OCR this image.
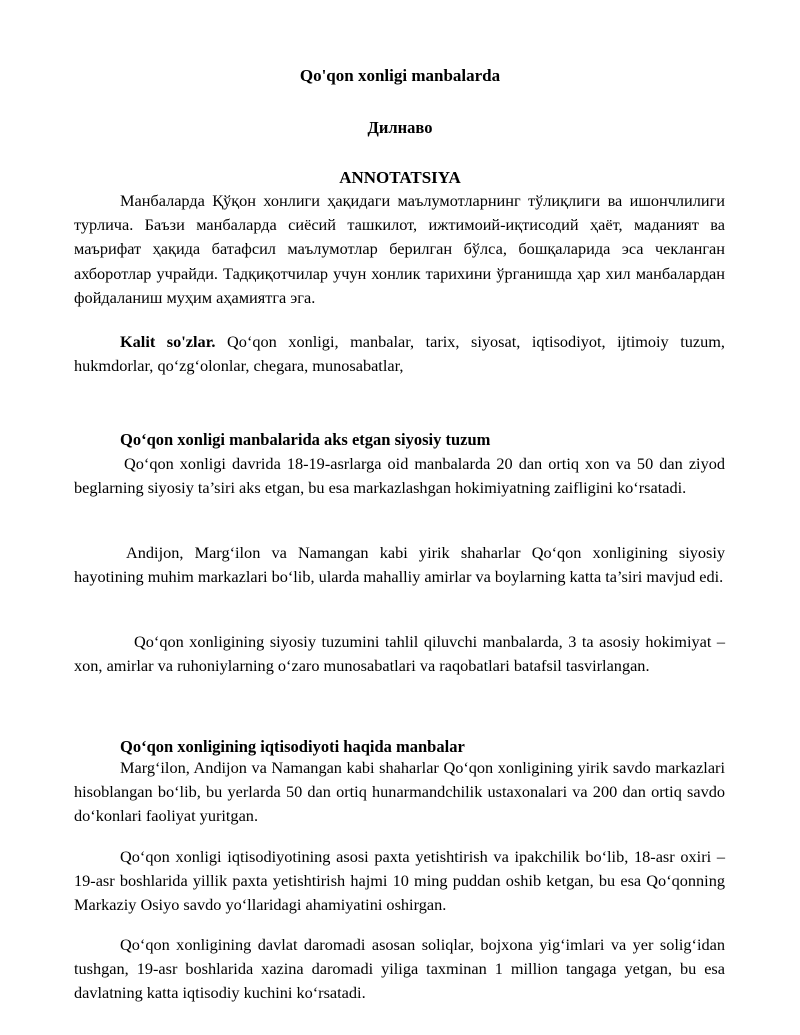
Qo'qon xonligi manbalarda

Дилнаво

ANNOTATSIYA

Манбаларда Қўқон хонлиги ҳақидаги маълумотларнинг тўлиқлиги ва ишончлилиги турлича. Баъзи манбаларда сиёсий ташкилот, ижтимоий-иқтисодий ҳаёт, маданият ва маърифат ҳақида батафсил маълумотлар берилган бўлса, бошқаларида эса чекланган ахборотлар учрайди. Тадқиқотчилар учун хонлик тарихини ўрганишда ҳар хил манбалардан фойдаланиш муҳим аҳамиятга эга.

Kalit so'zlar. Qo‘qon xonligi, manbalar, tarix, siyosat, iqtisodiyot, ijtimoiy tuzum, hukmdorlar, qo‘zg‘olonlar, chegara, munosabatlar,

Qo‘qon xonligi manbalarida aks etgan siyosiy tuzum

Qo‘qon xonligi davrida 18-19-asrlarga oid manbalarda 20 dan ortiq xon va 50 dan ziyod beglarning siyosiy ta’siri aks etgan, bu esa markazlashgan hokimiyatning zaifligini ko‘rsatadi.

Andijon, Marg‘ilon va Namangan kabi yirik shaharlar Qo‘qon xonligining siyosiy hayotining muhim markazlari bo‘lib, ularda mahalliy amirlar va boylarning katta ta’siri mavjud edi.

Qo‘qon xonligining siyosiy tuzumini tahlil qiluvchi manbalarda, 3 ta asosiy hokimiyat – xon, amirlar va ruhoniylarning o‘zaro munosabatlari va raqobatlari batafsil tasvirlangan.

Qo‘qon xonligining iqtisodiyoti haqida manbalar

Marg‘ilon, Andijon va Namangan kabi shaharlar Qo‘qon xonligining yirik savdo markazlari hisoblangan bo‘lib, bu yerlarda 50 dan ortiq hunarmandchilik ustaxonalari va 200 dan ortiq savdo do‘konlari faoliyat yuritgan.

Qo‘qon xonligi iqtisodiyotining asosi paxta yetishtirish va ipakchilik bo‘lib, 18-asr oxiri – 19-asr boshlarida yillik paxta yetishtirish hajmi 10 ming puddan oshib ketgan, bu esa Qo‘qonning Markaziy Osiyo savdo yo‘llaridagi ahamiyatini oshirgan.

Qo‘qon xonligining davlat daromadi asosan soliqlar, bojxona yig‘imlari va yer solig‘idan tushgan, 19-asr boshlarida xazina daromadi yiliga taxminan 1 million tangaga yetgan, bu esa davlatning katta iqtisodiy kuchini ko‘rsatadi.
